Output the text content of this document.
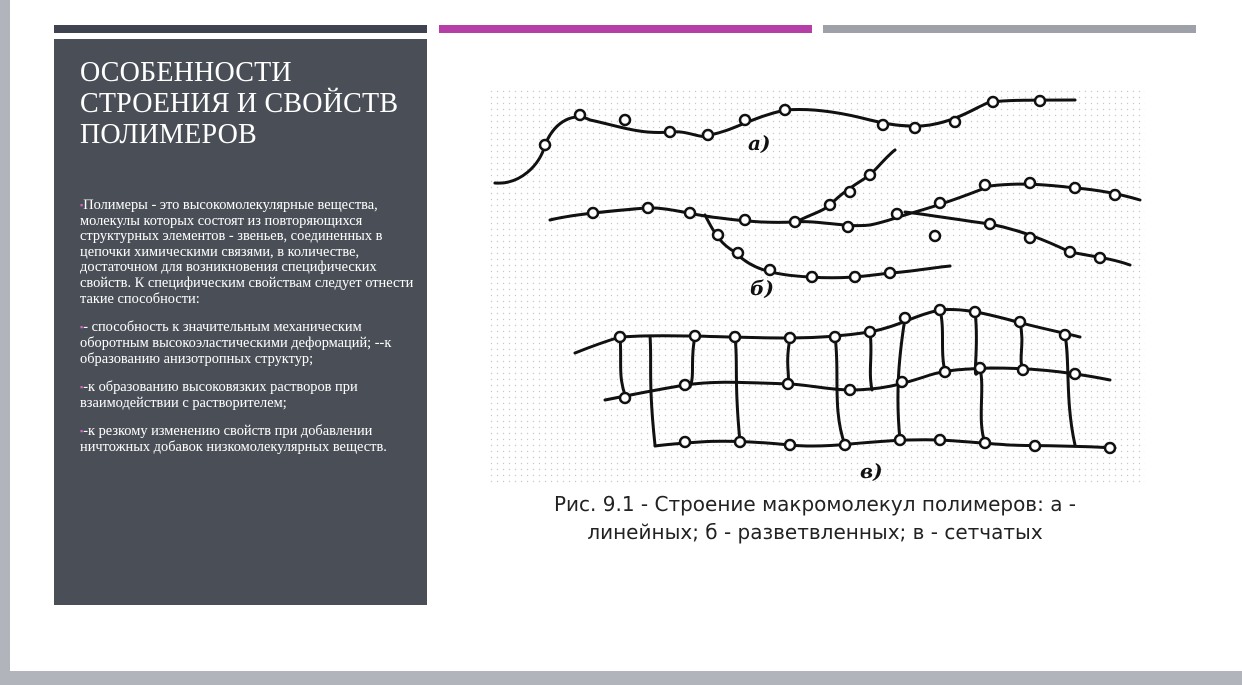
ОСОБЕННОСТИ СТРОЕНИЯ И СВОЙСТВ ПОЛИМЕРОВ

▪Полимеры - это высокомолекулярные вещества, молекулы которых состоят из повторяющихся структурных элементов - звеньев, соединенных в цепочки химическими связями, в количестве, достаточном для возникновения специфических свойств. К специфическим свойствам следует отнести такие способности:

▪- способность к значительным механическим оборотным высокоэластическими деформаций; --к образованию анизотропных структур;

▪-к образованию высоковязких растворов при взаимодействии с растворителем;

▪-к резкому изменению свойств при добавлении ничтожных добавок низкомолекулярных веществ.

а)
б)
в)
Рис. 9.1 - Строение макромолекул полимеров: а -
линейных; б - разветвленных; в - сетчатых
